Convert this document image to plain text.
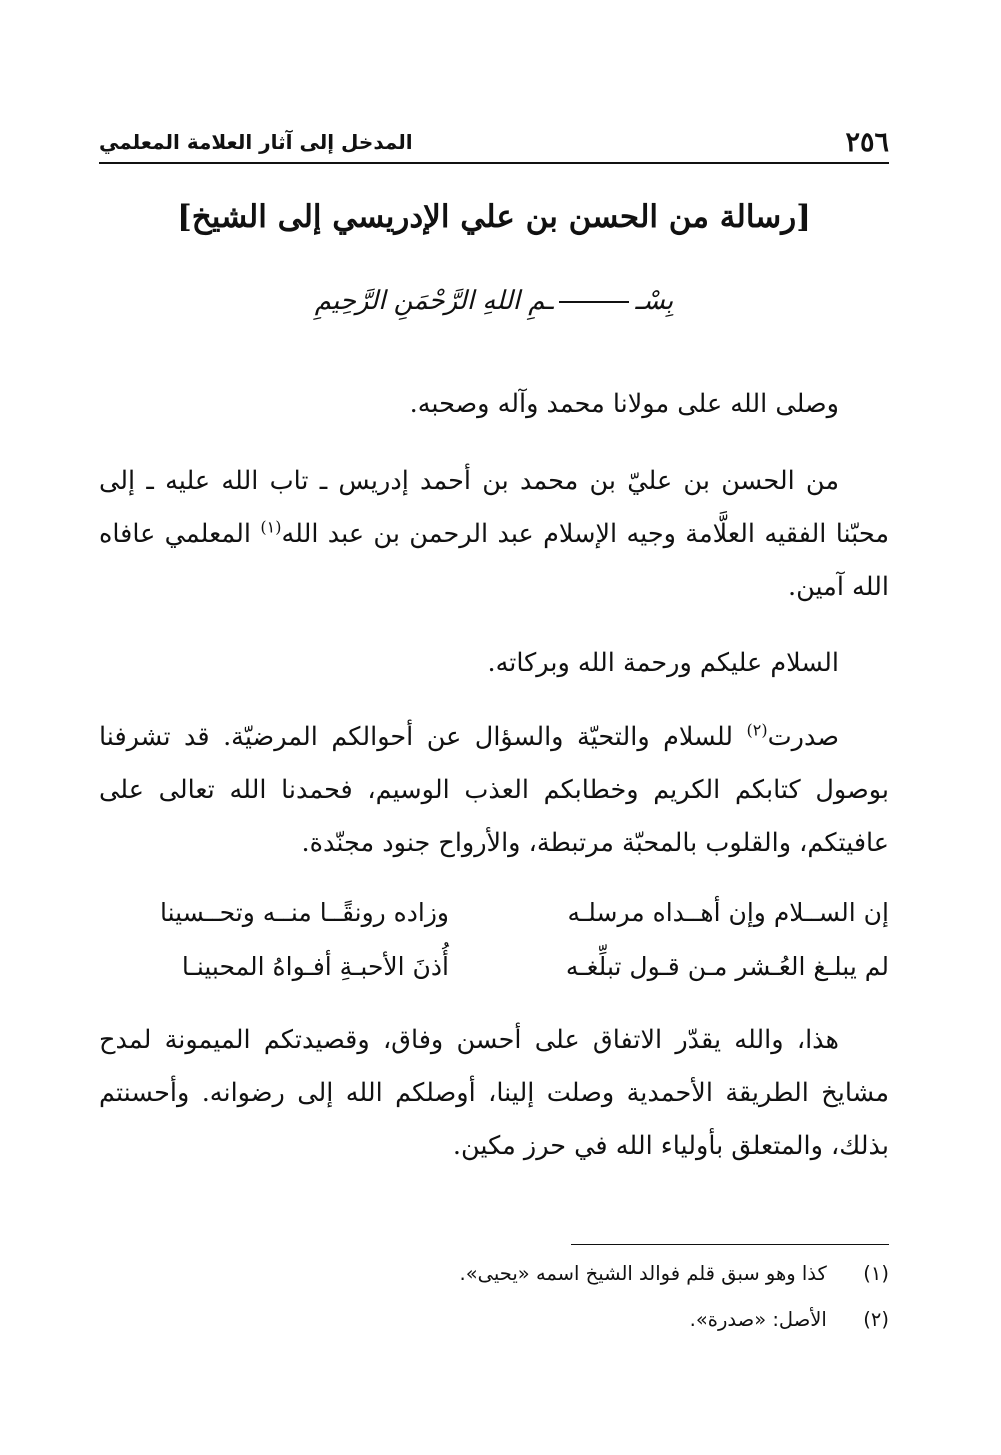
٢٥٦
المدخل إلى آثار العلامة المعلمي
[رسالة من الحسن بن علي الإدريسي إلى الشيخ]
بِسْــمِ اللهِ الرَّحْمَنِ الرَّحِيمِ

وصلى الله على مولانا محمد وآله وصحبه.

من الحسن بن عليّ بن محمد بن أحمد إدريس ـ تاب الله عليه ـ إلى محبّنا الفقيه العلَّامة وجيه الإسلام عبد الرحمن بن عبد الله$^{(١)}$ المعلمي عافاه الله آمين.

السلام عليكم ورحمة الله وبركاته.

صدرت$^{(٢)}$ للسلام والتحيّة والسؤال عن أحوالكم المرضيّة. قد تشرفنا بوصول كتابكم الكريم وخطابكم العذب الوسيم، فحمدنا الله تعالى على عافيتكم، والقلوب بالمحبّة مرتبطة، والأرواح جنود مجنّدة.

إن الســلام وإن أهــداه مرسلـه
وزاده رونقًــا منــه وتحــسينا
لم يبلـغ العُـشر مـن قـول تبلِّغـه
أُذنَ الأحبـةِ أفـواهُ المحبينـا

هذا، والله يقدّر الاتفاق على أحسن وفاق، وقصيدتكم الميمونة لمدح مشايخ الطريقة الأحمدية وصلت إلينا، أوصلكم الله إلى رضوانه. وأحسنتم بذلك، والمتعلق بأولياء الله في حرز مكين.

(١) كذا وهو سبق قلم فوالد الشيخ اسمه «يحيى».
(٢) الأصل: «صدرة».
